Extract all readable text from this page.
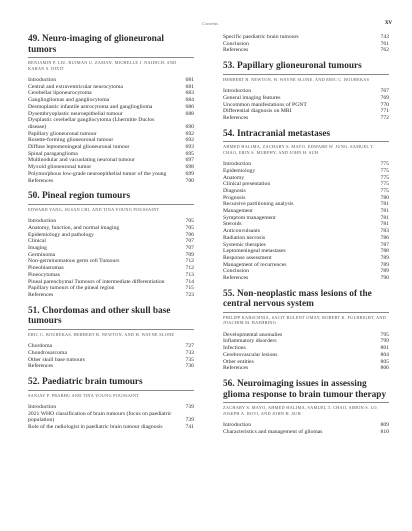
Contents	xv
49. Neuro-imaging of glioneuronal tumors

BENJAMIN P. LIU, RUJMAN U. ZAMAN, MICHELLE J. NAIDICH, AND KARAN S. DIXIT

Introduction	681
Central and extraventricular neurocytoma	681
Cerebellar liponeurocytoma	683
Gangliogliomas and gangliocytoma	684
Desmoplastic infantile astrocytoma and ganglioglioma	686
Dysembryoplastic neuroepithelial tumour	688
Dysplastic cerebellar gangliocytoma (Lhermitte Duclos disease)	690
Papillary glioneuronal tumour	692
Rosette-forming glioneuronal tumour	692
Diffuse leptomeningeal glioneuronal tumour	693
Spinal paragangliomа	695
Multinodular and vacuolating neuronal tumour	697
Myxoid glioneuronal tumor	698
Polymorphous low-grade neuroepithelial tumor of the young	699
References	700
50. Pineal region tumours

EDWARD YANG, SUSAN CHI, AND TINA YOUNG POUSSAINT

Introduction	705
Anatomy, function, and normal imaging	705
Epidemiology and pathology	706
Clinical	707
Imaging	707
Germinoma	709
Non-germinomatous germ cell Tumours	712
Pineoblastomas	712
Pineocytomas	713
Pineal parenchymal Tumours of intermediate differentiation	714
Papillary tumours of the pineal region	715
References	723
51. Chordomas and other skull base tumours

ERIC C. BOUREKAS, HERBERT B. NEWTON, AND H. WAYNE SLONE

Chordoma	727
Chondrosarcoma	733
Other skull base tumours	735
References	736
52. Paediatric brain tumours

SANJAY P. PRABHU AND TINA YOUNG POUSSAINT

Introduction	739
2021 WHO classification of brain tumours (focus on paediatric population)	739
Role of the radiologist in paediatric brain tumour diagnosis	741
Specific paediatric brain tumours	743
Conclusion	761
References	762
53. Papillary glioneuronal tumours

HERBERT B. NEWTON, H. WAYNE SLONE, AND ERIC C. BOUREKAS

Introduction	767
General imaging features	769
Uncommon manifestations of PGNT	770
Differential diagnosis on MRI	771
References	772
54. Intracranial metastases

AHMED HALIMA, ZACHARY S. MAYO, EDWARD W. JUNG, SAMUEL T. CHAO, ERIN S. MURPHY, AND JOHN H. SUH

Introduction	775
Epidemiology	775
Anatomy	775
Clinical presentation	775
Diagnosis	775
Prognosis	780
Recursive partitioning analysis	781
Management	781
Symptom management	781
Steroids	781
Anticonvulsants	783
Radiation necrosis	786
Systemic therapies	787
Leptomeningeal metastases	788
Response assessment	789
Management of recurrences	789
Conclusion	789
References	790
55. Non-neoplastic mass lesions of the central nervous system

PHILIPP KARSCHNIA, SACIT BULENT OMAY, ROBERT K. FULBRIGHT, AND JOACHIM M. BAEHRING

Developmental anomalies	795
Inflammatory disorders	799
Infections	801
Cerebrovascular lesions	804
Other entities	805
References	806
56. Neuroimaging issues in assessing glioma response to brain tumour therapy

ZACHARY S. MAYO, AHMED HALIMA, SAMUEL T. CHAO, SIMON S. LO, JOSEPH A. BOVI, AND JOHN H. SUH

Introduction	809
Characteristics and management of gliomas	810
